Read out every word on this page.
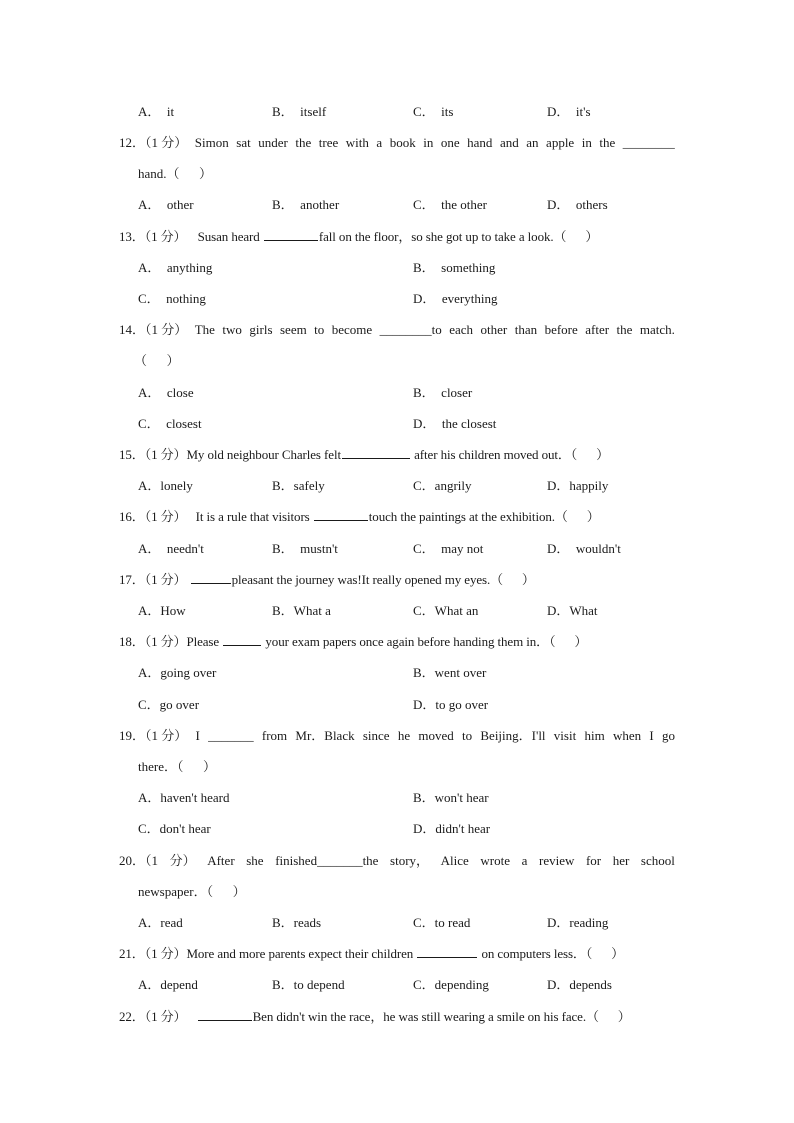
A．  it	B．  itself	C．  its	D．  it's
12．（1 分） Simon sat under the tree with a book in one hand and an apple in the ________
hand.（      ）
A．  other	B．  another	C．  the other	D．  others
13．（1 分） Susan heard	fall on the floor，so she got up to take a look.（      ）
A．  anything	B．  something
C．  nothing	D．  everything
14．（1 分） The two girls seem to become ________to each other than before after the match.
（      ）
A．  close	B．  closer
C．  closest	D．  the closest
15．（1 分）My old neighbour Charles felt	after his children moved out．（      ）
A．lonely	B．safely	C．angrily	D．happily
16．（1 分） It is a rule that visitors	touch the paintings at the exhibition.（      ）
A．  needn't	B．  mustn't	C．  may not	D．  wouldn't
17．（1 分）	pleasant the journey was!It really opened my eyes.（      ）
A．How	B．What a	C．What an	D．What
18．（1 分）Please	your exam papers once again before handing them in．（      ）
A．going over	B．went over
C．go over	D．to go over
19．（1 分） I _______ from Mr．Black since he moved to Beijing．I'll visit him when I go
there．（      ）
A．haven't heard	B．won't hear
C．don't hear	D．didn't hear
20．（1 分） After she finished_______the story， Alice wrote a review for her school
newspaper．（      ）
A．read	B．reads	C．to read	D．reading
21．（1 分）More and more parents expect their children	on computers less．（      ）
A．depend	B．to depend	C．depending	D．depends
22．（1 分）	Ben didn't win the race，he was still wearing a smile on his face.（      ）
